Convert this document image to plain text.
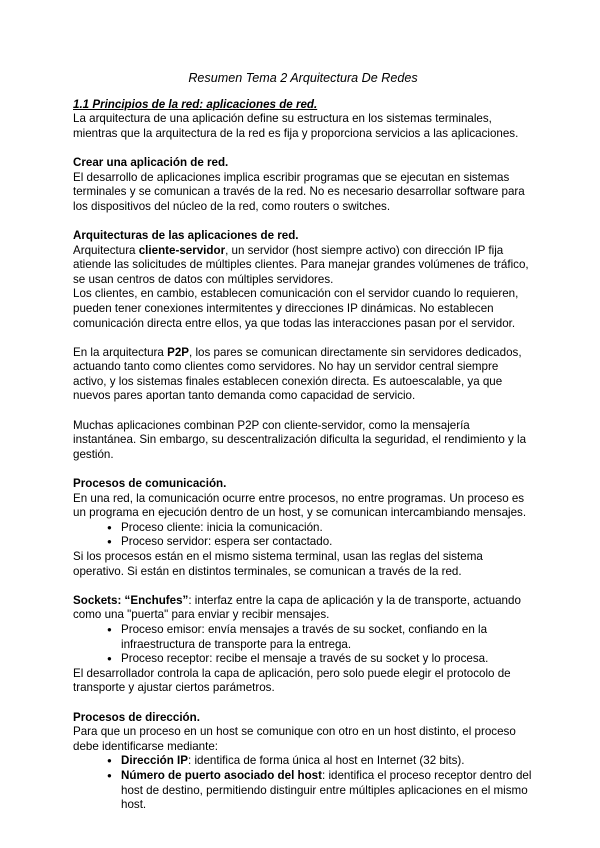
Resumen Tema 2 Arquitectura De Redes

1.1 Principios de la red: aplicaciones de red.

La arquitectura de una aplicación define su estructura en los sistemas terminales, mientras que la arquitectura de la red es fija y proporciona servicios a las aplicaciones.

Crear una aplicación de red.

El desarrollo de aplicaciones implica escribir programas que se ejecutan en sistemas terminales y se comunican a través de la red. No es necesario desarrollar software para los dispositivos del núcleo de la red, como routers o switches.

Arquitecturas de las aplicaciones de red.

Arquitectura cliente-servidor, un servidor (host siempre activo) con dirección IP fija atiende las solicitudes de múltiples clientes. Para manejar grandes volúmenes de tráfico, se usan centros de datos con múltiples servidores.

Los clientes, en cambio, establecen comunicación con el servidor cuando lo requieren, pueden tener conexiones intermitentes y direcciones IP dinámicas. No establecen comunicación directa entre ellos, ya que todas las interacciones pasan por el servidor.

En la arquitectura P2P, los pares se comunican directamente sin servidores dedicados, actuando tanto como clientes como servidores. No hay un servidor central siempre activo, y los sistemas finales establecen conexión directa. Es autoescalable, ya que nuevos pares aportan tanto demanda como capacidad de servicio.

Muchas aplicaciones combinan P2P con cliente-servidor, como la mensajería instantánea. Sin embargo, su descentralización dificulta la seguridad, el rendimiento y la gestión.

Procesos de comunicación.

En una red, la comunicación ocurre entre procesos, no entre programas. Un proceso es un programa en ejecución dentro de un host, y se comunican intercambiando mensajes.

● Proceso cliente: inicia la comunicación.
● Proceso servidor: espera ser contactado.

Si los procesos están en el mismo sistema terminal, usan las reglas del sistema operativo. Si están en distintos terminales, se comunican a través de la red.

Sockets: “Enchufes”: interfaz entre la capa de aplicación y la de transporte, actuando como una "puerta" para enviar y recibir mensajes.

● Proceso emisor: envía mensajes a través de su socket, confiando en la infraestructura de transporte para la entrega.
● Proceso receptor: recibe el mensaje a través de su socket y lo procesa.

El desarrollador controla la capa de aplicación, pero solo puede elegir el protocolo de transporte y ajustar ciertos parámetros.

Procesos de dirección.

Para que un proceso en un host se comunique con otro en un host distinto, el proceso debe identificarse mediante:

● Dirección IP: identifica de forma única al host en Internet (32 bits).
● Número de puerto asociado del host: identifica el proceso receptor dentro del host de destino, permitiendo distinguir entre múltiples aplicaciones en el mismo host.
